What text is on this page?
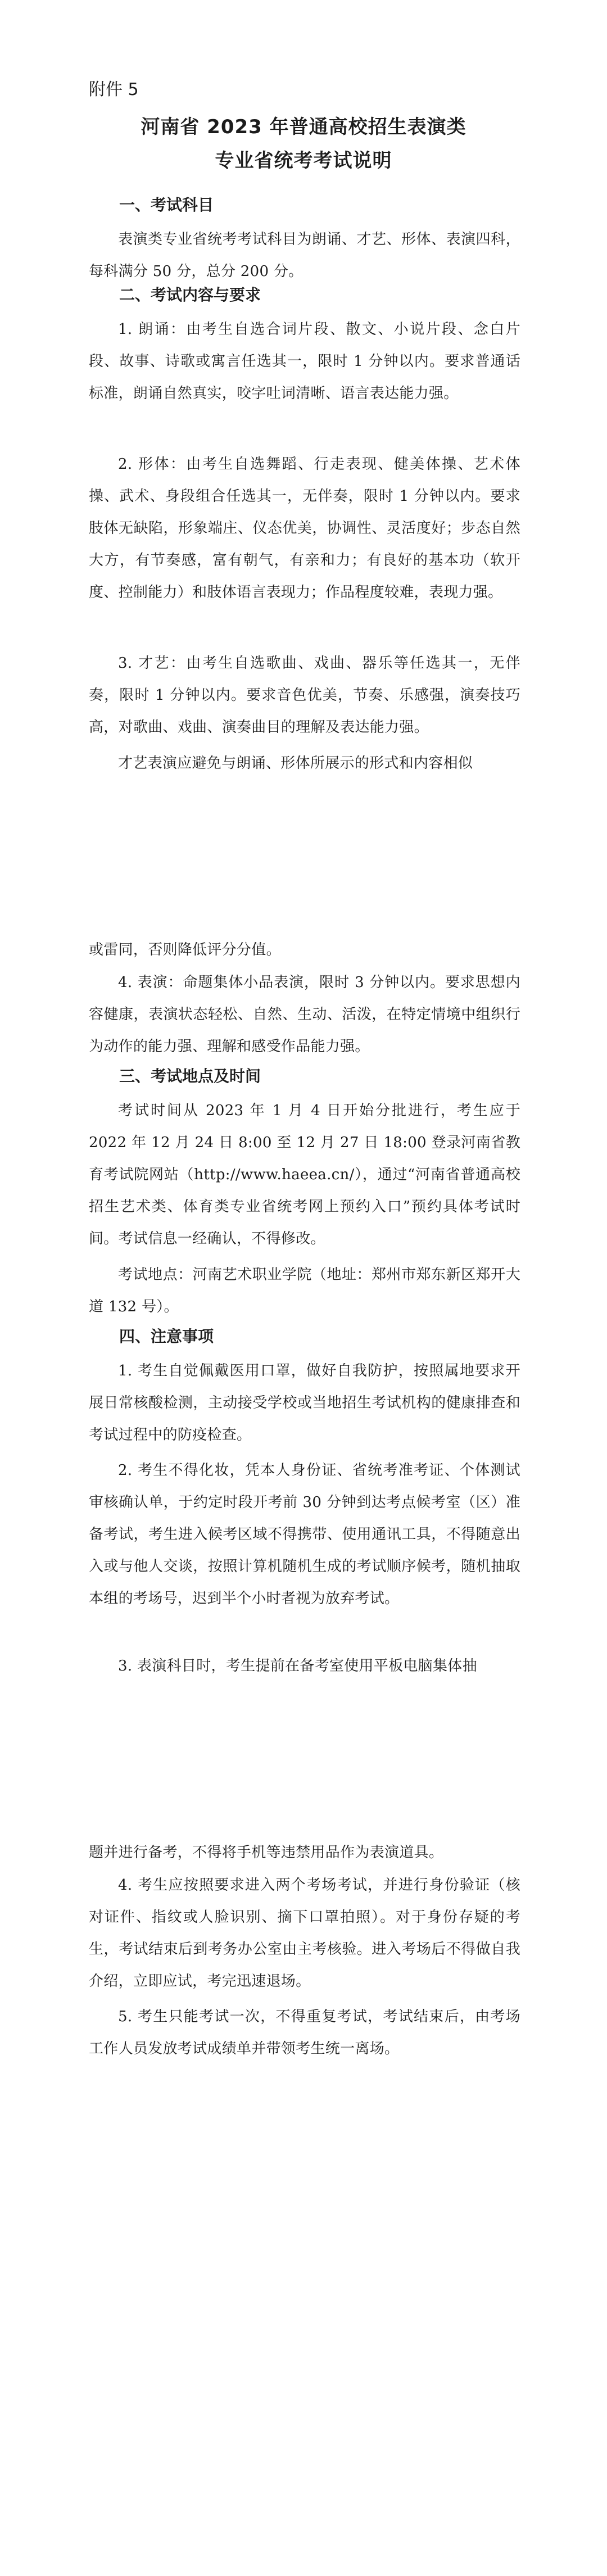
附件 5
河南省 2023 年普通高校招生表演类
专业省统考考试说明
一、考试科目
表演类专业省统考考试科目为朗诵、才艺、形体、表演四科，每科满分 50 分，总分 200 分。
二、考试内容与要求
1. 朗诵：由考生自选合词片段、散文、小说片段、念白片段、故事、诗歌或寓言任选其一，限时 1 分钟以内。要求普通话标准，朗诵自然真实，咬字吐词清晰、语言表达能力强。
2. 形体：由考生自选舞蹈、行走表现、健美体操、艺术体操、武术、身段组合任选其一，无伴奏，限时 1 分钟以内。要求肢体无缺陷，形象端庄、仪态优美，协调性、灵活度好；步态自然大方，有节奏感，富有朝气，有亲和力；有良好的基本功（软开度、控制能力）和肢体语言表现力；作品程度较难，表现力强。
3. 才艺：由考生自选歌曲、戏曲、器乐等任选其一，无伴奏，限时 1 分钟以内。要求音色优美，节奏、乐感强，演奏技巧高，对歌曲、戏曲、演奏曲目的理解及表达能力强。
才艺表演应避免与朗诵、形体所展示的形式和内容相似
或雷同，否则降低评分分值。
4. 表演：命题集体小品表演，限时 3 分钟以内。要求思想内容健康，表演状态轻松、自然、生动、活泼，在特定情境中组织行为动作的能力强、理解和感受作品能力强。
三、考试地点及时间
考试时间从 2023 年 1 月 4 日开始分批进行，考生应于 2022 年 12 月 24 日 8:00 至 12 月 27 日 18:00 登录河南省教育考试院网站（http://www.haeea.cn/），通过“河南省普通高校招生艺术类、体育类专业省统考网上预约入口”预约具体考试时间。考试信息一经确认，不得修改。
考试地点：河南艺术职业学院（地址：郑州市郑东新区郑开大道 132 号）。
四、注意事项
1. 考生自觉佩戴医用口罩，做好自我防护，按照属地要求开展日常核酸检测，主动接受学校或当地招生考试机构的健康排查和考试过程中的防疫检查。
2. 考生不得化妆，凭本人身份证、省统考准考证、个体测试审核确认单，于约定时段开考前 30 分钟到达考点候考室（区）准备考试，考生进入候考区域不得携带、使用通讯工具，不得随意出入或与他人交谈，按照计算机随机生成的考试顺序候考，随机抽取本组的考场号，迟到半个小时者视为放弃考试。
3. 表演科目时，考生提前在备考室使用平板电脑集体抽
题并进行备考，不得将手机等违禁用品作为表演道具。
4. 考生应按照要求进入两个考场考试，并进行身份验证（核对证件、指纹或人脸识别、摘下口罩拍照）。对于身份存疑的考生，考试结束后到考务办公室由主考核验。进入考场后不得做自我介绍，立即应试，考完迅速退场。
5. 考生只能考试一次，不得重复考试，考试结束后，由考场工作人员发放考试成绩单并带领考生统一离场。
